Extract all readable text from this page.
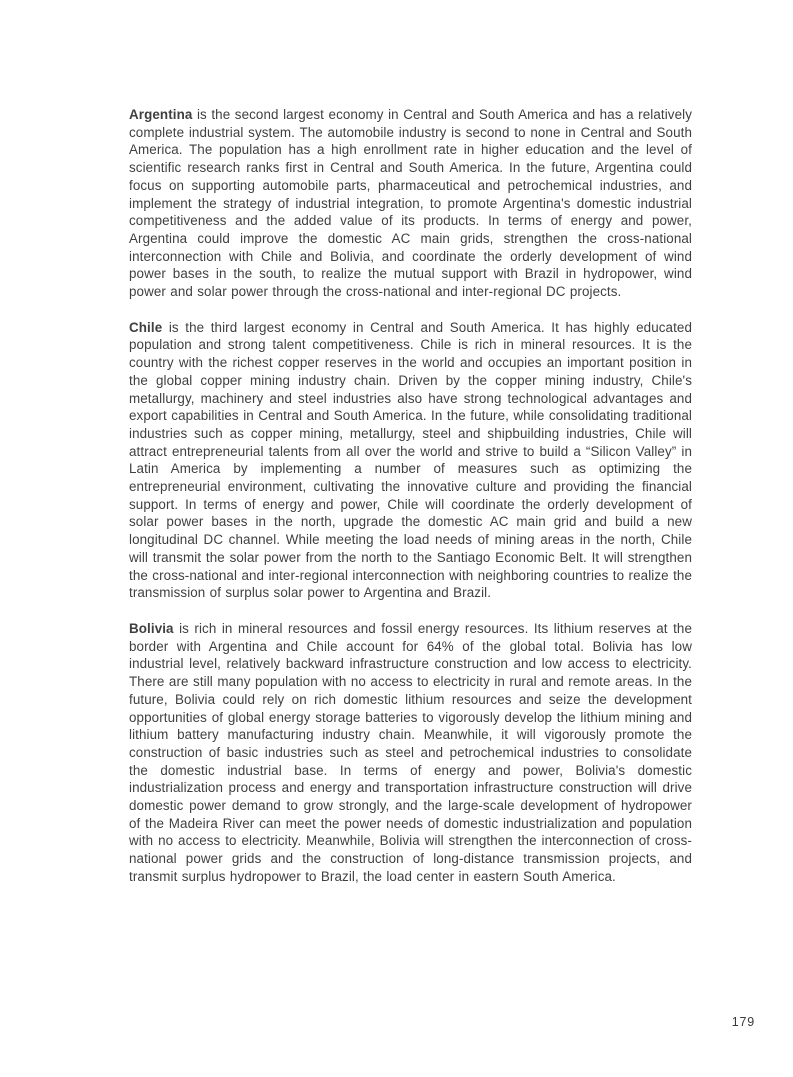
Argentina is the second largest economy in Central and South America and has a relatively complete industrial system. The automobile industry is second to none in Central and South America. The population has a high enrollment rate in higher education and the level of scientific research ranks first in Central and South America. In the future, Argentina could focus on supporting automobile parts, pharmaceutical and petrochemical industries, and implement the strategy of industrial integration, to promote Argentina's domestic industrial competitiveness and the added value of its products. In terms of energy and power, Argentina could improve the domestic AC main grids, strengthen the cross-national interconnection with Chile and Bolivia, and coordinate the orderly development of wind power bases in the south, to realize the mutual support with Brazil in hydropower, wind power and solar power through the cross-national and inter-regional DC projects.

Chile is the third largest economy in Central and South America. It has highly educated population and strong talent competitiveness. Chile is rich in mineral resources. It is the country with the richest copper reserves in the world and occupies an important position in the global copper mining industry chain. Driven by the copper mining industry, Chile's metallurgy, machinery and steel industries also have strong technological advantages and export capabilities in Central and South America. In the future, while consolidating traditional industries such as copper mining, metallurgy, steel and shipbuilding industries, Chile will attract entrepreneurial talents from all over the world and strive to build a “Silicon Valley” in Latin America by implementing a number of measures such as optimizing the entrepreneurial environment, cultivating the innovative culture and providing the financial support. In terms of energy and power, Chile will coordinate the orderly development of solar power bases in the north, upgrade the domestic AC main grid and build a new longitudinal DC channel. While meeting the load needs of mining areas in the north, Chile will transmit the solar power from the north to the Santiago Economic Belt. It will strengthen the cross-national and inter-regional interconnection with neighboring countries to realize the transmission of surplus solar power to Argentina and Brazil.

Bolivia is rich in mineral resources and fossil energy resources. Its lithium reserves at the border with Argentina and Chile account for 64% of the global total. Bolivia has low industrial level, relatively backward infrastructure construction and low access to electricity. There are still many population with no access to electricity in rural and remote areas. In the future, Bolivia could rely on rich domestic lithium resources and seize the development opportunities of global energy storage batteries to vigorously develop the lithium mining and lithium battery manufacturing industry chain. Meanwhile, it will vigorously promote the construction of basic industries such as steel and petrochemical industries to consolidate the domestic industrial base. In terms of energy and power, Bolivia's domestic industrialization process and energy and transportation infrastructure construction will drive domestic power demand to grow strongly, and the large-scale development of hydropower of the Madeira River can meet the power needs of domestic industrialization and population with no access to electricity. Meanwhile, Bolivia will strengthen the interconnection of cross-national power grids and the construction of long-distance transmission projects, and transmit surplus hydropower to Brazil, the load center in eastern South America.

179
